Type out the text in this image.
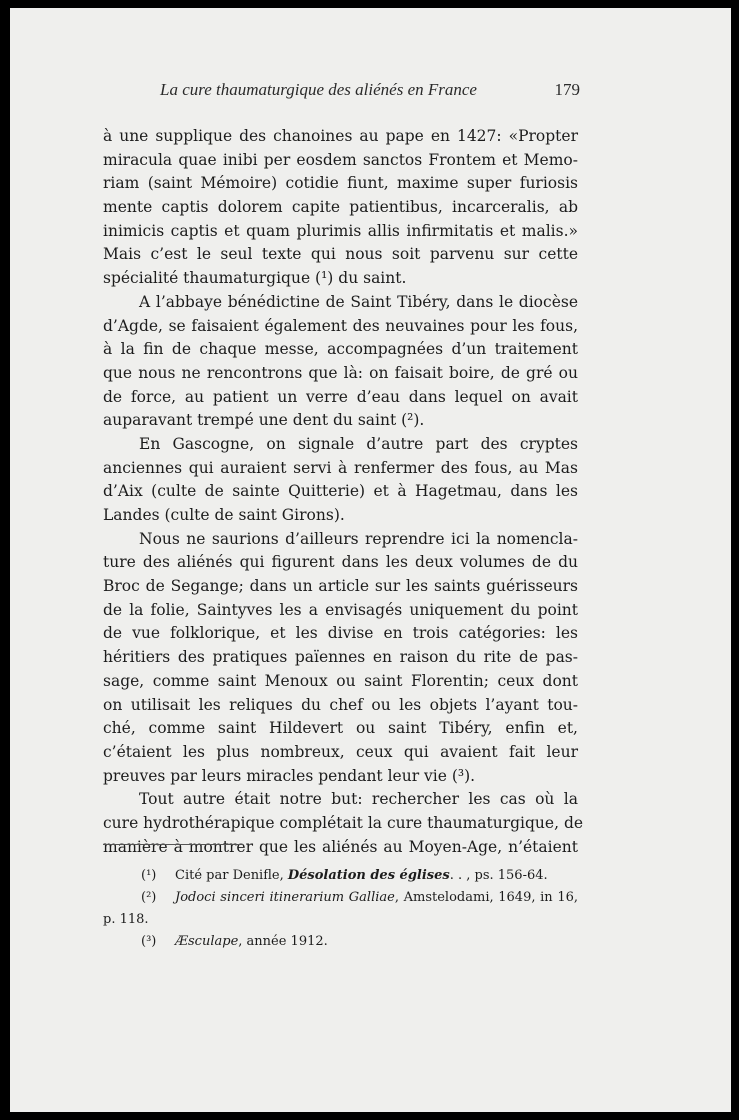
La cure thaumaturgique des aliénés en France	179
à une supplique des chanoines au pape en 1427: «Propter
miracula quae inibi per eosdem sanctos Frontem et Memo-
riam (saint Mémoire) cotidie fiunt, maxime super furiosis
mente captis dolorem capite patientibus, incarceralis, ab
inimicis captis et quam plurimis allis infirmitatis et malis.»
Mais c’est le seul texte qui nous soit parvenu sur cette
spécialité thaumaturgique (¹) du saint.
A l’abbaye bénédictine de Saint Tibéry, dans le diocèse
d’Agde, se faisaient également des neuvaines pour les fous,
à la fin de chaque messe, accompagnées d’un traitement
que nous ne rencontrons que là: on faisait boire, de gré ou
de force, au patient un verre d’eau dans lequel on avait
auparavant trempé une dent du saint (²).
En Gascogne, on signale d’autre part des cryptes
anciennes qui auraient servi à renfermer des fous, au Mas
d’Aix (culte de sainte Quitterie) et à Hagetmau, dans les
Landes (culte de saint Girons).
Nous ne saurions d’ailleurs reprendre ici la nomencla-
ture des aliénés qui figurent dans les deux volumes de du
Broc de Segange; dans un article sur les saints guérisseurs
de la folie, Saintyves les a envisagés uniquement du point
de vue folklorique, et les divise en trois catégories: les
héritiers des pratiques païennes en raison du rite de pas-
sage, comme saint Menoux ou saint Florentin; ceux dont
on utilisait les reliques du chef ou les objets l’ayant tou-
ché, comme saint Hildevert ou saint Tibéry, enfin et,
c’étaient les plus nombreux, ceux qui avaient fait leur
preuves par leurs miracles pendant leur vie (³).
Tout autre était notre but: rechercher les cas où la
cure hydrothérapique complétait la cure thaumaturgique, de
manière à montrer que les aliénés au Moyen-Age, n’étaient
(¹) Cité par Denifle, Désolation des églises. . , ps. 156-64.
(²) Jodoci sinceri itinerarium Galliae, Amstelodami, 1649, in 16,
p. 118.
(³) Æsculape, année 1912.
